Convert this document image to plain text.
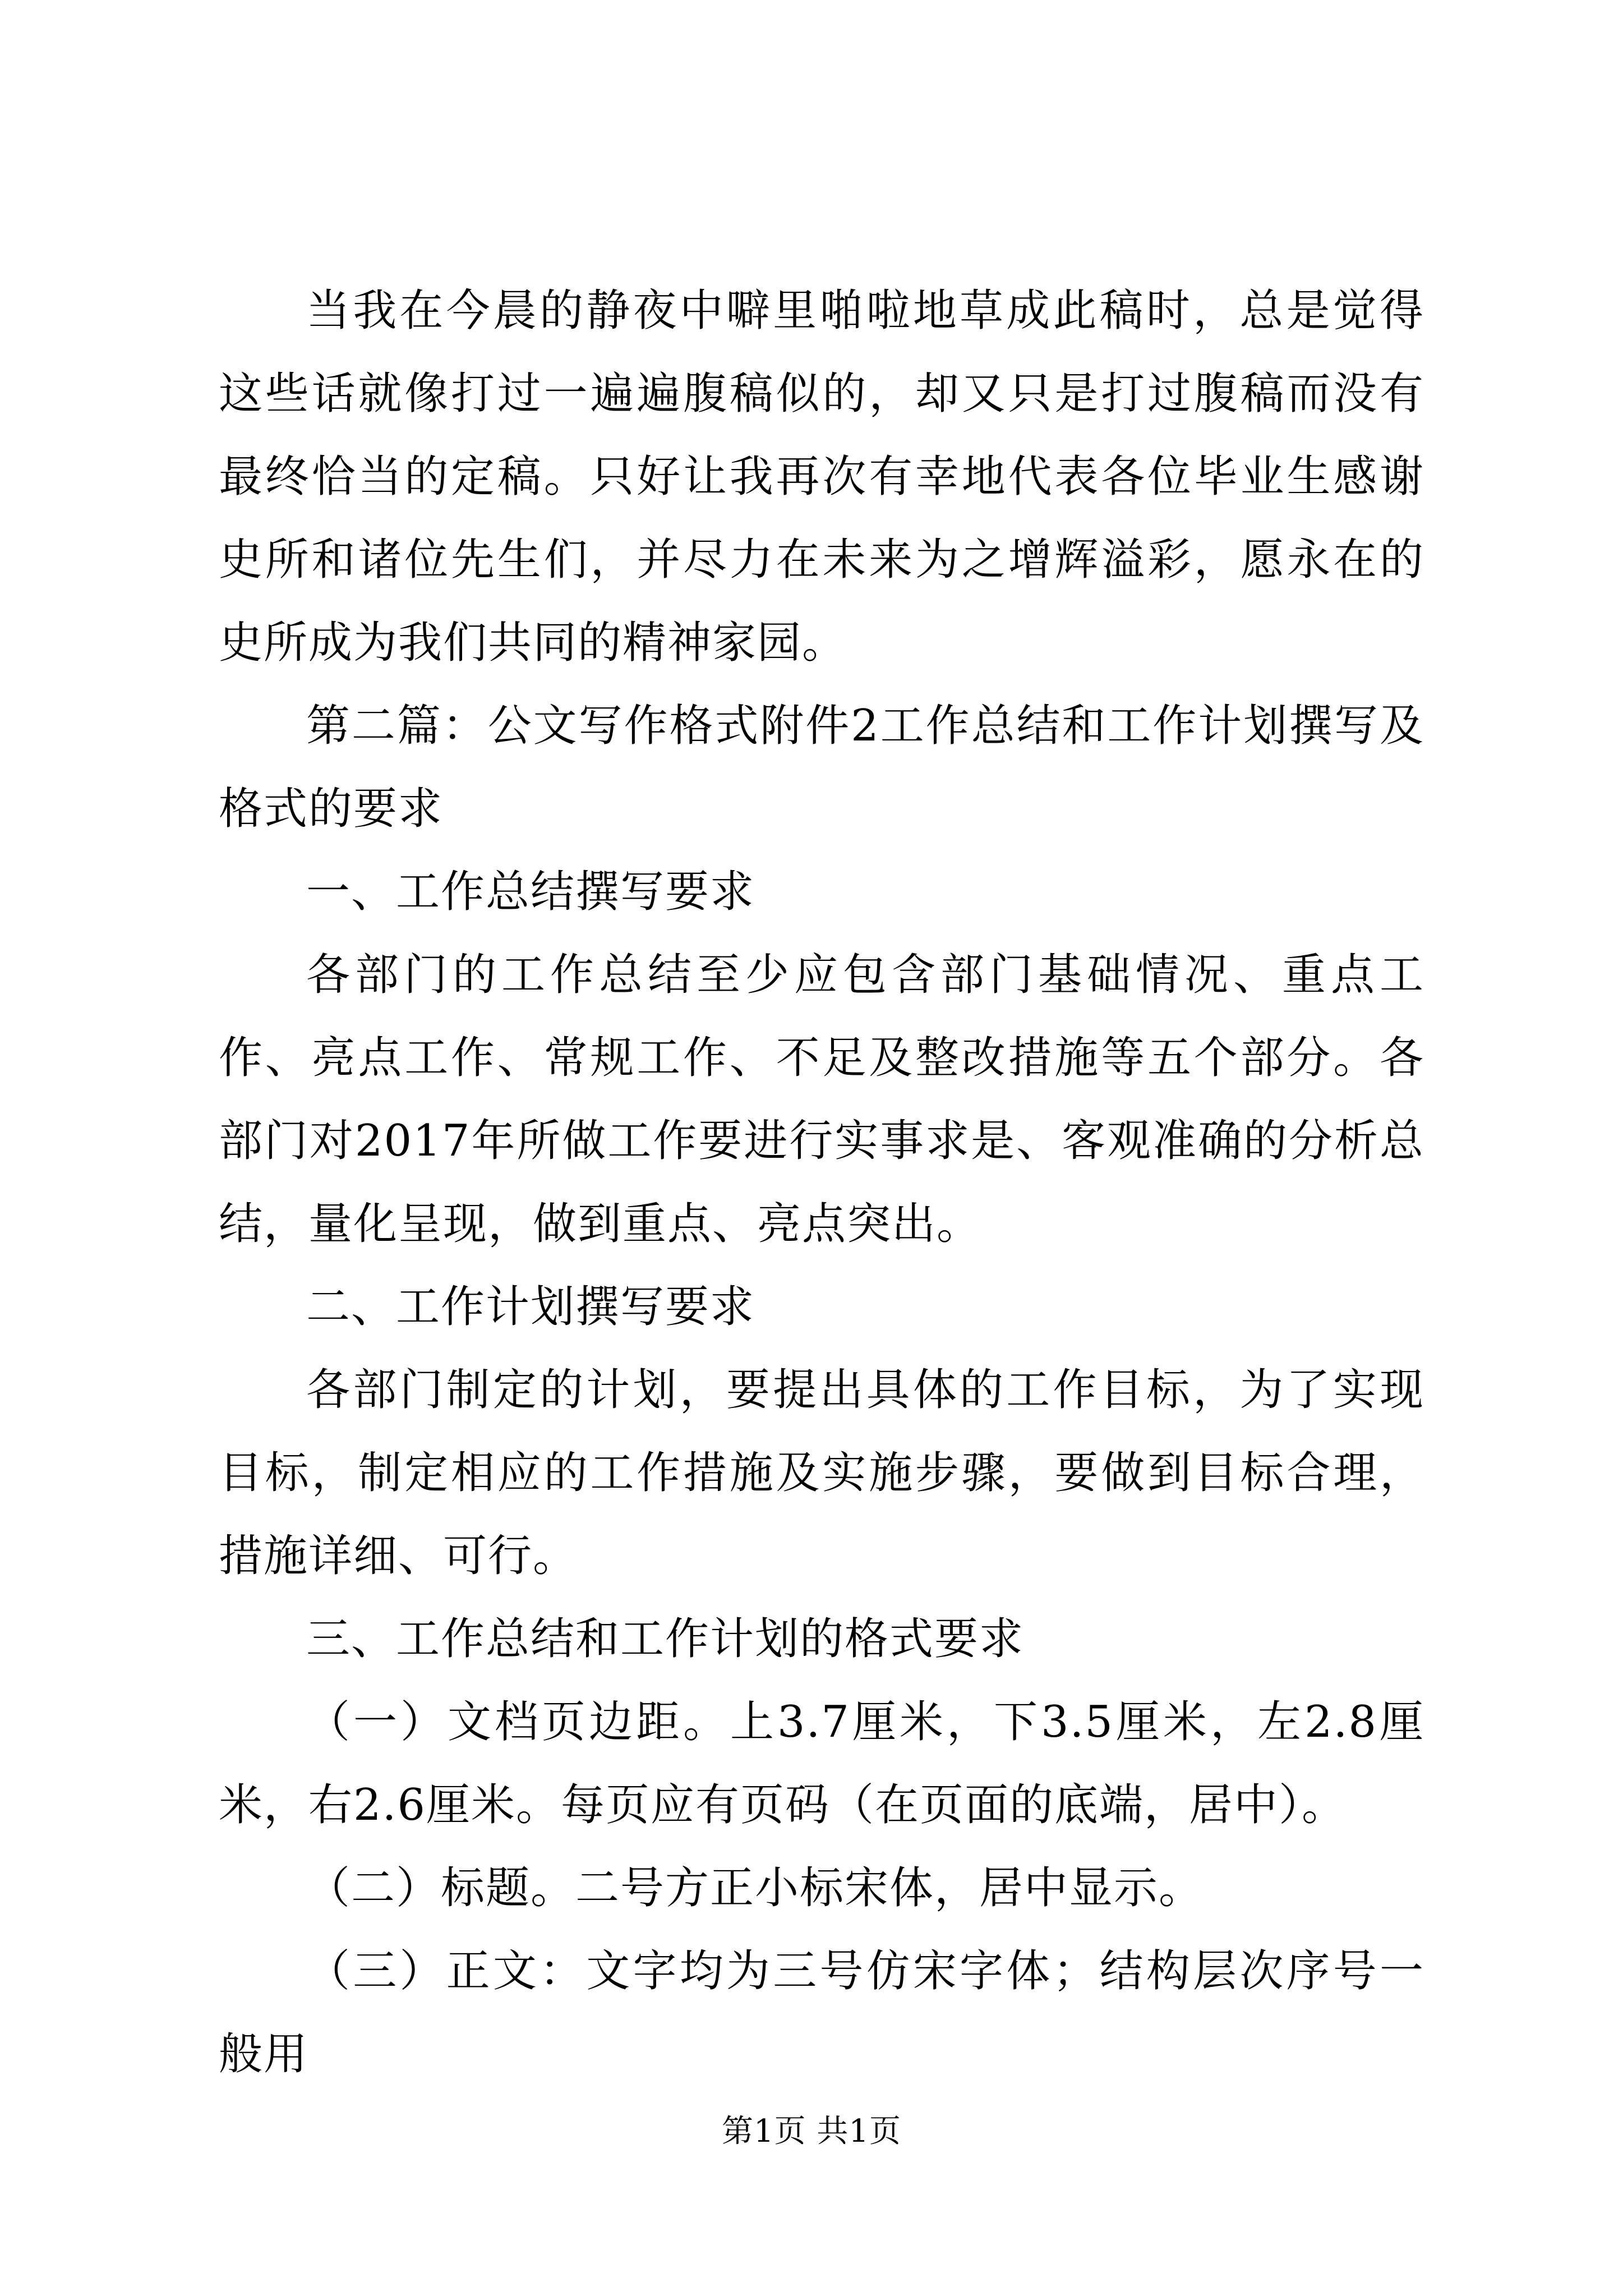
当我在今晨的静夜中噼里啪啦地草成此稿时，总是觉得这些话就像打过一遍遍腹稿似的，却又只是打过腹稿而没有最终恰当的定稿。只好让我再次有幸地代表各位毕业生感谢史所和诸位先生们，并尽力在未来为之增辉溢彩，愿永在的史所成为我们共同的精神家园。

第二篇：公文写作格式附件2工作总结和工作计划撰写及格式的要求

一、工作总结撰写要求

各部门的工作总结至少应包含部门基础情况、重点工作、亮点工作、常规工作、不足及整改措施等五个部分。各部门对2017年所做工作要进行实事求是、客观准确的分析总结，量化呈现，做到重点、亮点突出。

二、工作计划撰写要求

各部门制定的计划，要提出具体的工作目标，为了实现目标，制定相应的工作措施及实施步骤，要做到目标合理，措施详细、可行。

三、工作总结和工作计划的格式要求

（一）文档页边距。上3.7厘米，下3.5厘米，左2.8厘米，右2.6厘米。每页应有页码（在页面的底端，居中）。

（二）标题。二号方正小标宋体，居中显示。

（三）正文：文字均为三号仿宋字体；结构层次序号一般用

第1页 共1页
